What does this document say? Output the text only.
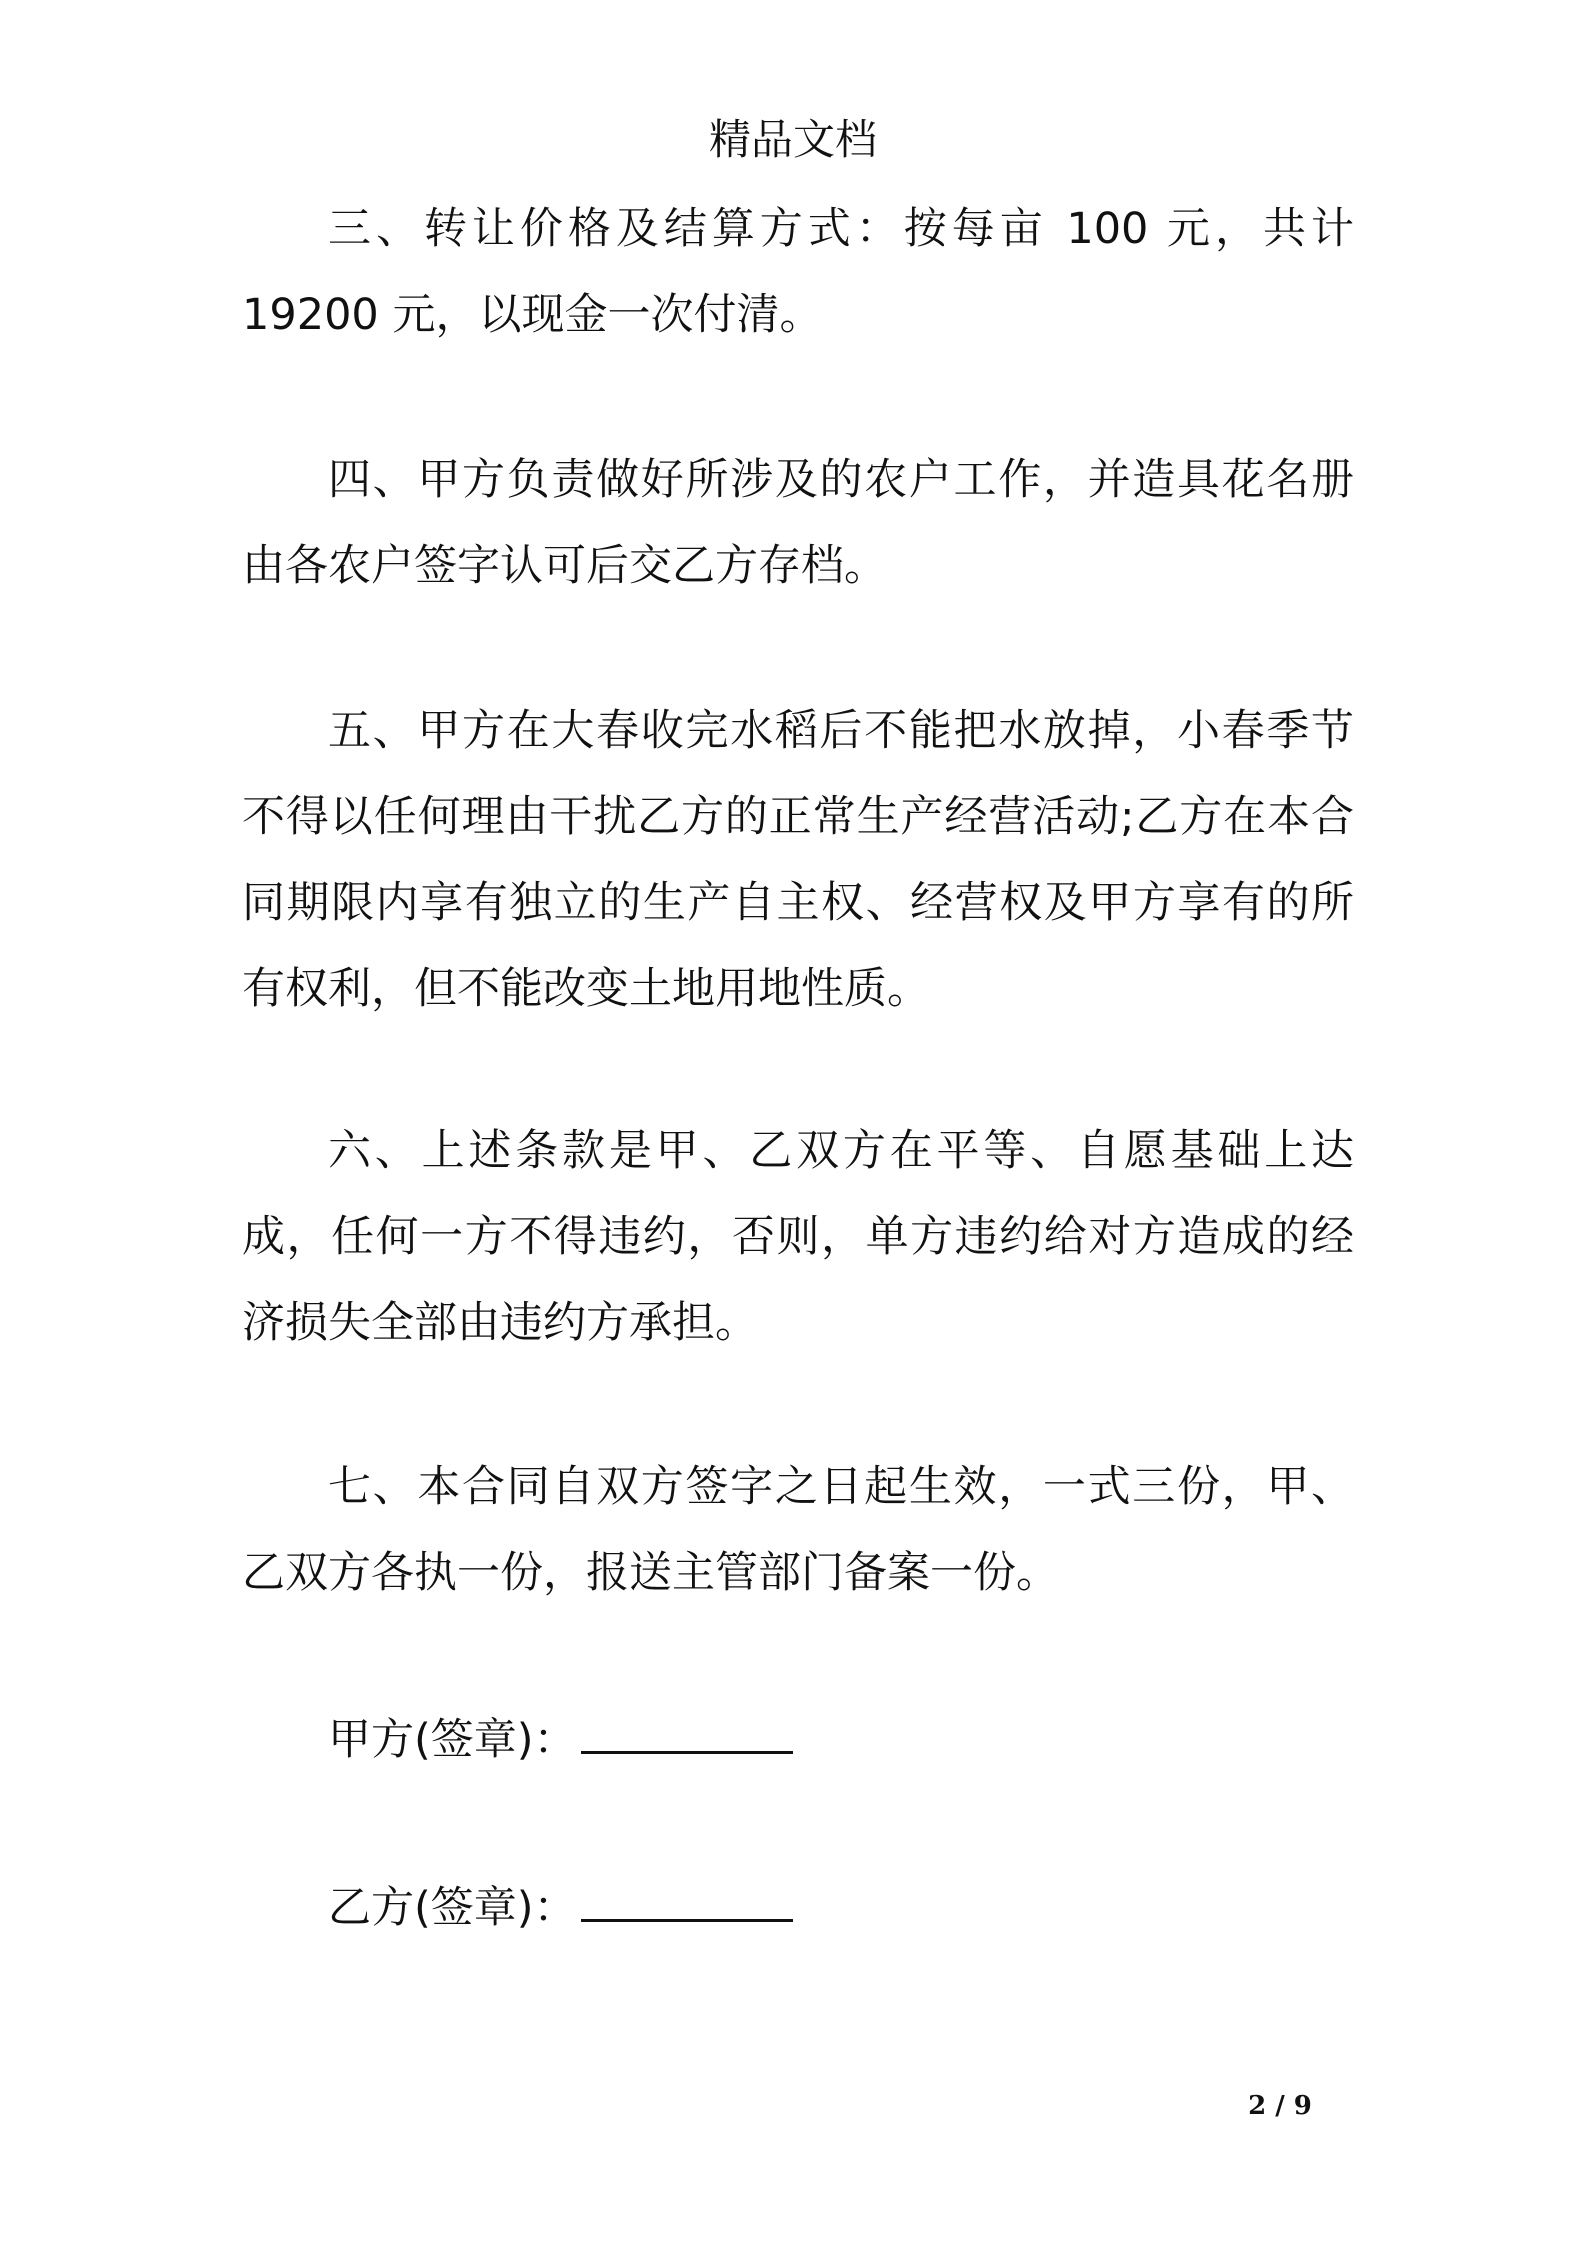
精品文档

三、转让价格及结算方式：按每亩 100 元，共计 19200 元，以现金一次付清。

四、甲方负责做好所涉及的农户工作，并造具花名册由各农户签字认可后交乙方存档。

五、甲方在大春收完水稻后不能把水放掉，小春季节不得以任何理由干扰乙方的正常生产经营活动;乙方在本合同期限内享有独立的生产自主权、经营权及甲方享有的所有权利，但不能改变土地用地性质。

六、上述条款是甲、乙双方在平等、自愿基础上达成，任何一方不得违约，否则，单方违约给对方造成的经济损失全部由违约方承担。

七、本合同自双方签字之日起生效，一式三份，甲、乙双方各执一份，报送主管部门备案一份。

甲方(签章)：

乙方(签章)：

2 / 9
